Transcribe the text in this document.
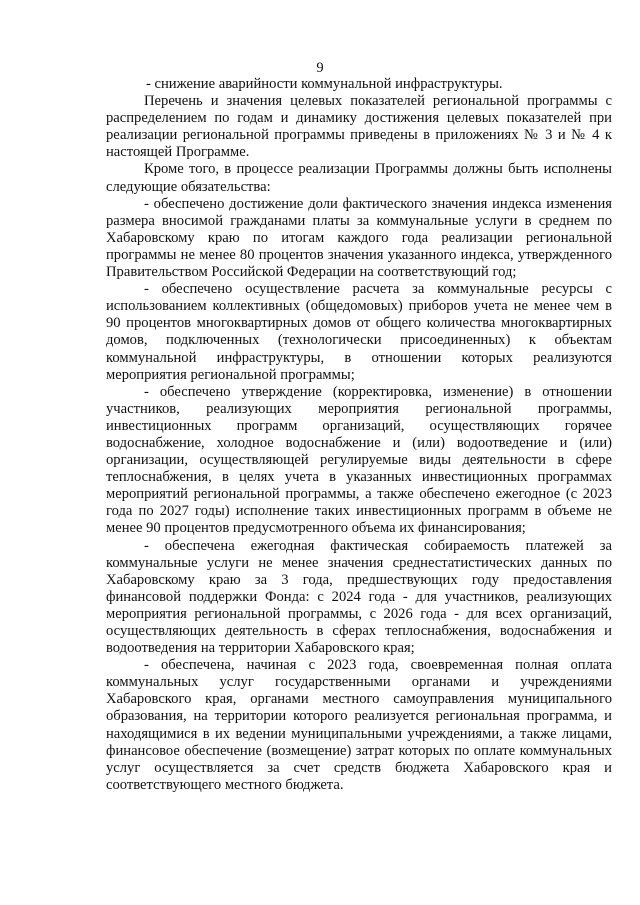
9

- снижение аварийности коммунальной инфраструктуры.

Перечень и значения целевых показателей региональной программы с распределением по годам и динамику достижения целевых показателей при реализации региональной программы приведены в приложениях № 3 и № 4 к настоящей Программе.

Кроме того, в процессе реализации Программы должны быть исполнены следующие обязательства:

- обеспечено достижение доли фактического значения индекса изменения размера вносимой гражданами платы за коммунальные услуги в среднем по Хабаровскому краю по итогам каждого года реализации региональной программы не менее 80 процентов значения указанного индекса, утвержденного Правительством Российской Федерации на соответствующий год;

- обеспечено осуществление расчета за коммунальные ресурсы с использованием коллективных (общедомовых) приборов учета не менее чем в 90 процентов многоквартирных домов от общего количества многоквартирных домов, подключенных (технологически присоединенных) к объектам коммунальной инфраструктуры, в отношении которых реализуются мероприятия региональной программы;

- обеспечено утверждение (корректировка, изменение) в отношении участников, реализующих мероприятия региональной программы, инвестиционных программ организаций, осуществляющих горячее водоснабжение, холодное водоснабжение и (или) водоотведение и (или) организации, осуществляющей регулируемые виды деятельности в сфере теплоснабжения, в целях учета в указанных инвестиционных программах мероприятий региональной программы, а также обеспечено ежегодное (с 2023 года по 2027 годы) исполнение таких инвестиционных программ в объеме не менее 90 процентов предусмотренного объема их финансирования;

- обеспечена ежегодная фактическая собираемость платежей за коммунальные услуги не менее значения среднестатистических данных по Хабаровскому краю за 3 года, предшествующих году предоставления финансовой поддержки Фонда: с 2024 года - для участников, реализующих мероприятия региональной программы, с 2026 года - для всех организаций, осуществляющих деятельность в сферах теплоснабжения, водоснабжения и водоотведения на территории Хабаровского края;

- обеспечена, начиная с 2023 года, своевременная полная оплата коммунальных услуг государственными органами и учреждениями Хабаровского края, органами местного самоуправления муниципального образования, на территории которого реализуется региональная программа, и находящимися в их ведении муниципальными учреждениями, а также лицами, финансовое обеспечение (возмещение) затрат которых по оплате коммунальных услуг осуществляется за счет средств бюджета Хабаровского края и соответствующего местного бюджета.
